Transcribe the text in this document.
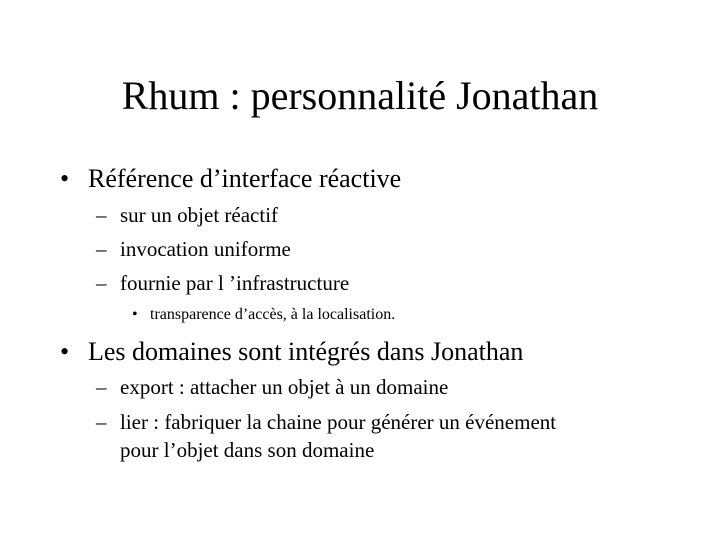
Rhum : personnalité Jonathan
• Référence d’interface réactive
– sur un objet réactif
– invocation uniforme
– fournie par l ’infrastructure
• transparence d’accès, à la localisation.
• Les domaines sont intégrés dans Jonathan
– export : attacher un objet à un domaine
– lier : fabriquer la chaine pour générer un événement
pour l’objet dans son domaine
